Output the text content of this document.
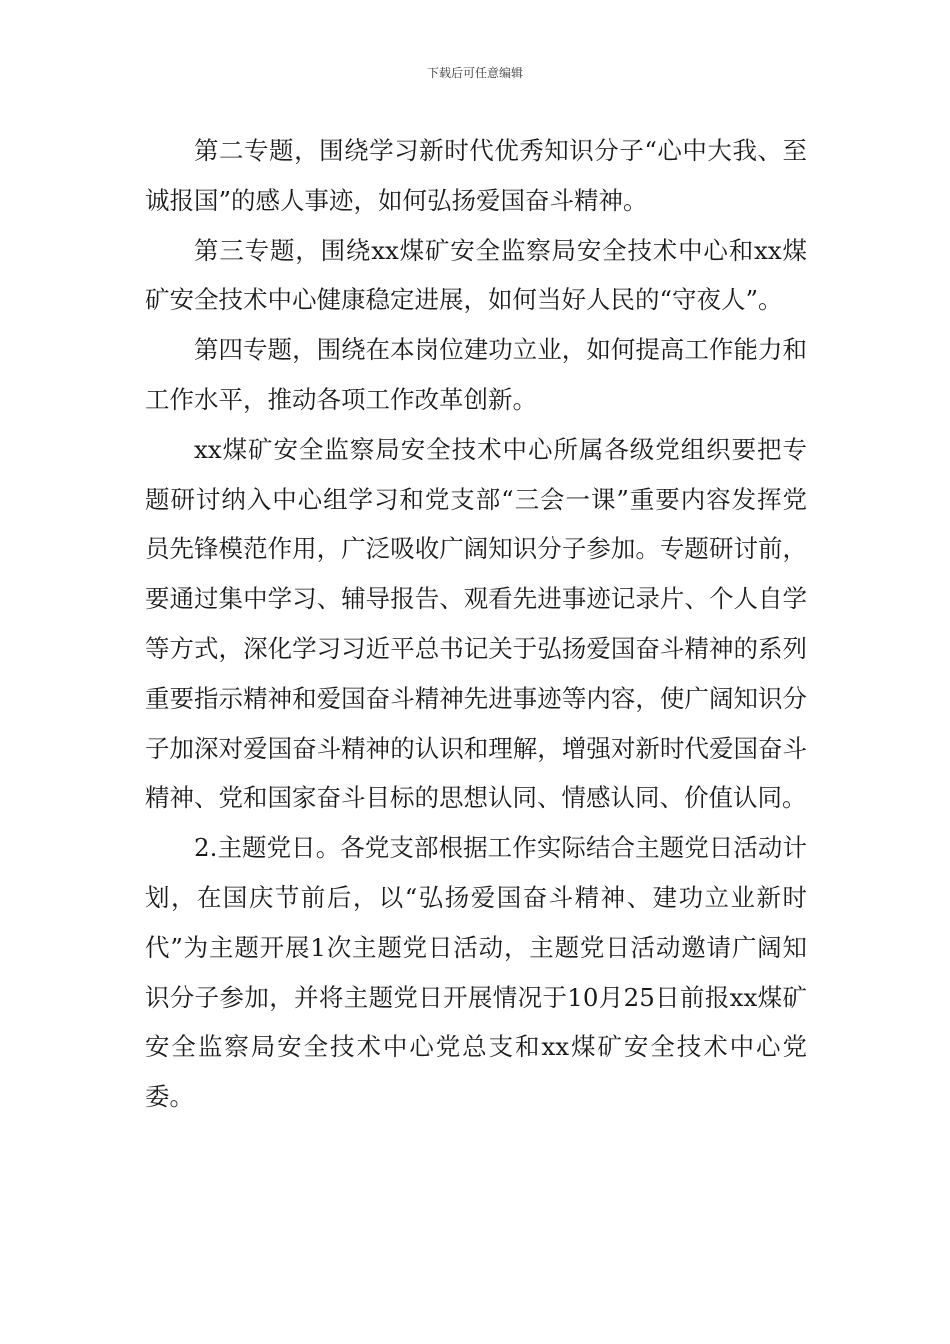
下载后可任意编辑

第二专题，围绕学习新时代优秀知识分子“心中大我、至诚报国”的感人事迹，如何弘扬爱国奋斗精神。

第三专题，围绕xx煤矿安全监察局安全技术中心和xx煤矿安全技术中心健康稳定进展，如何当好人民的“守夜人”。

第四专题，围绕在本岗位建功立业，如何提高工作能力和工作水平，推动各项工作改革创新。

xx煤矿安全监察局安全技术中心所属各级党组织要把专题研讨纳入中心组学习和党支部“三会一课”重要内容发挥党员先锋模范作用，广泛吸收广阔知识分子参加。专题研讨前，要通过集中学习、辅导报告、观看先进事迹记录片、个人自学等方式，深化学习习近平总书记关于弘扬爱国奋斗精神的系列重要指示精神和爱国奋斗精神先进事迹等内容，使广阔知识分子加深对爱国奋斗精神的认识和理解，增强对新时代爱国奋斗精神、党和国家奋斗目标的思想认同、情感认同、价值认同。

2.主题党日。各党支部根据工作实际结合主题党日活动计划，在国庆节前后，以“弘扬爱国奋斗精神、建功立业新时代”为主题开展1次主题党日活动，主题党日活动邀请广阔知识分子参加，并将主题党日开展情况于10月25日前报xx煤矿安全监察局安全技术中心党总支和xx煤矿安全技术中心党委。
